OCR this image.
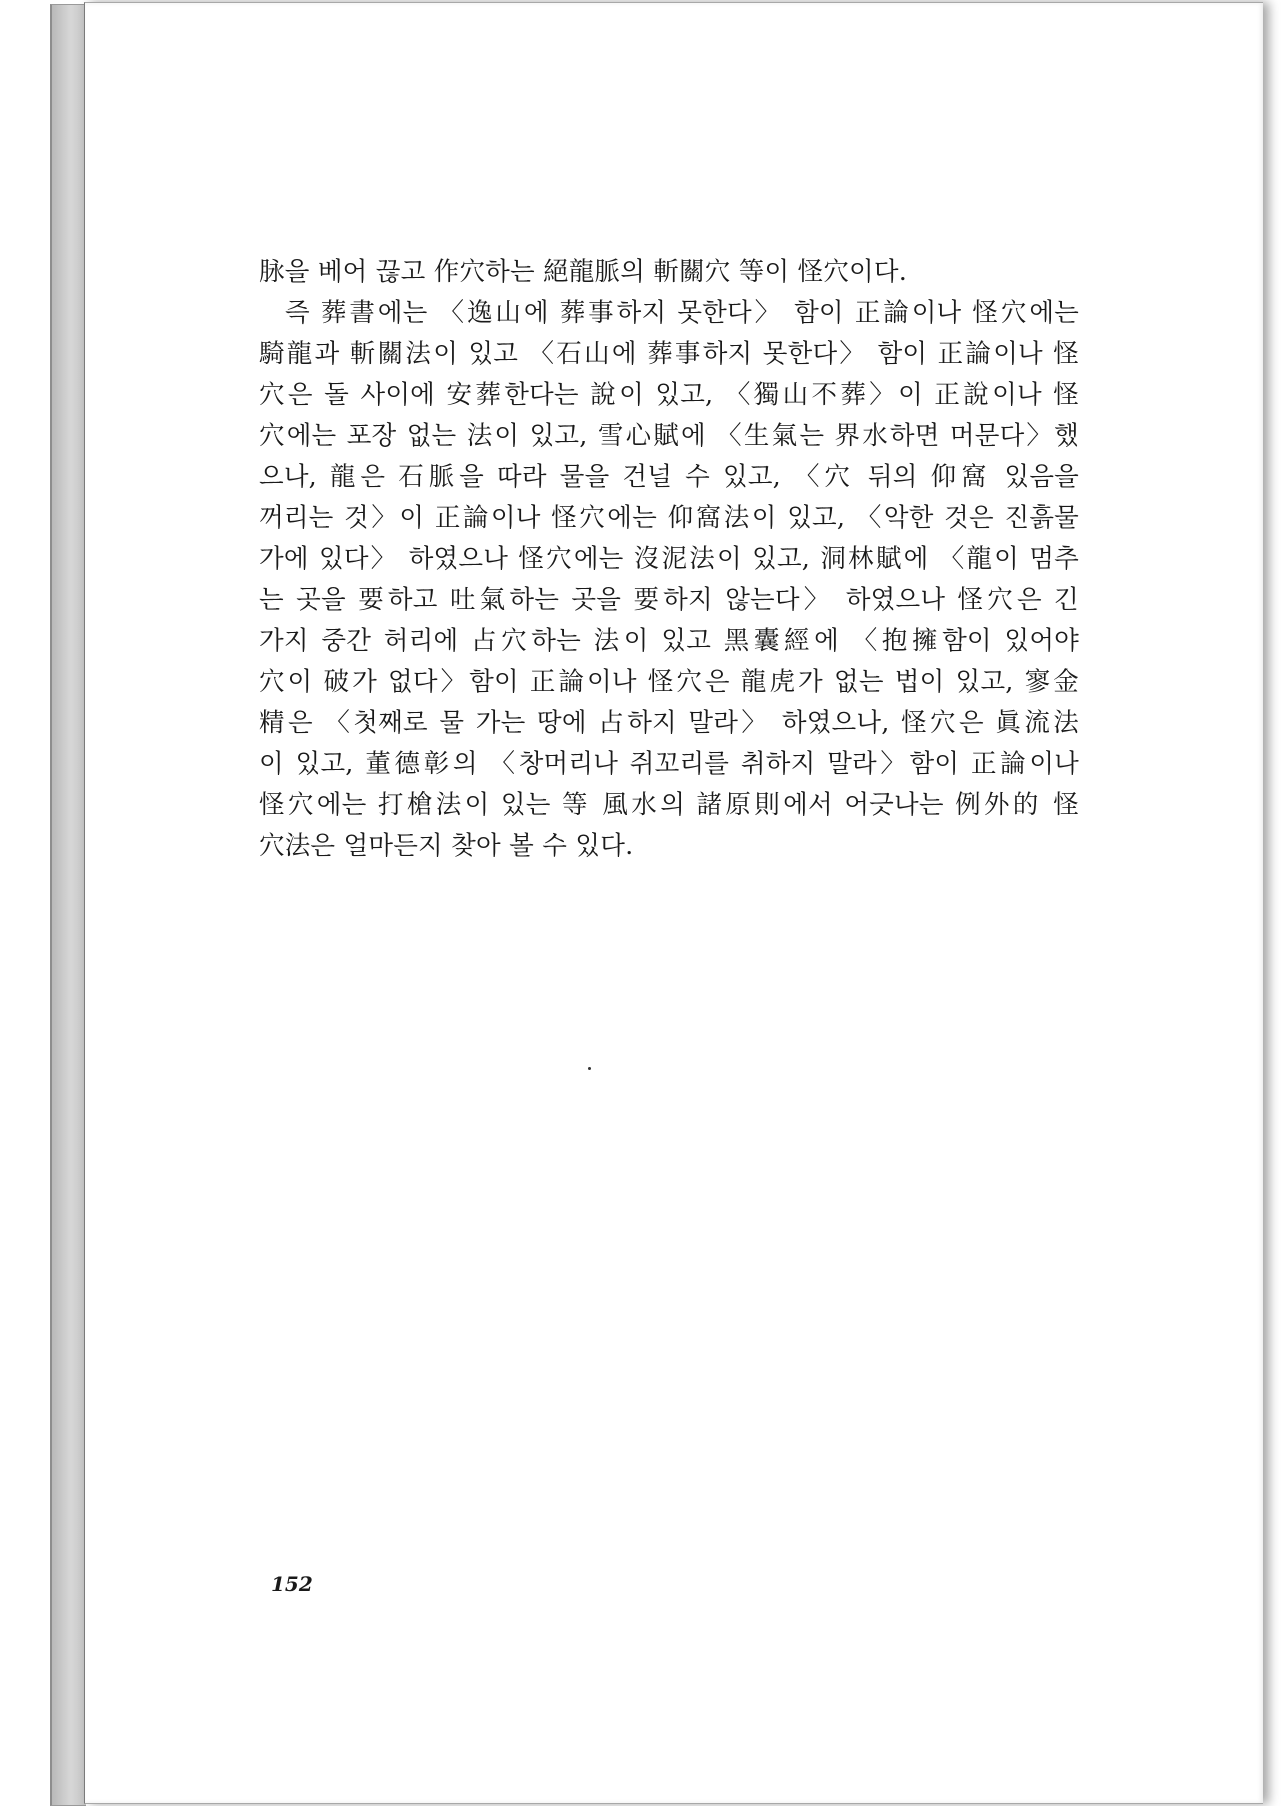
脉을 베어 끊고 作穴하는 絕龍脈의 斬關穴 等이 怪穴이다.
즉 葬書에는 〈逸山에 葬事하지 못한다〉 함이 正論이나 怪穴에는
騎龍과 斬關法이 있고 〈石山에 葬事하지 못한다〉 함이 正論이나 怪
穴은 돌 사이에 安葬한다는 說이 있고, 〈獨山不葬〉이 正說이나 怪
穴에는 포장 없는 法이 있고, 雪心賦에 〈生氣는 界水하면 머문다〉했
으나, 龍은 石脈을 따라 물을 건널 수 있고, 〈穴 뒤의 仰窩 있음을
꺼리는 것〉이 正論이나 怪穴에는 仰窩法이 있고, 〈악한 것은 진흙물
가에 있다〉 하였으나 怪穴에는 沒泥法이 있고, 洞林賦에 〈龍이 멈추
는 곳을 要하고 吐氣하는 곳을 要하지 않는다〉 하였으나 怪穴은 긴
가지 중간 허리에 占穴하는 法이 있고 黑囊經에 〈抱擁함이 있어야
穴이 破가 없다〉함이 正論이나 怪穴은 龍虎가 없는 법이 있고, 寥金
精은 〈첫째로 물 가는 땅에 占하지 말라〉 하였으나, 怪穴은 眞流法
이 있고, 董德彰의 〈창머리나 쥐꼬리를 취하지 말라〉함이 正論이나
怪穴에는 打槍法이 있는 等 風水의 諸原則에서 어긋나는 例外的 怪
穴法은 얼마든지 찾아 볼 수 있다.
152
